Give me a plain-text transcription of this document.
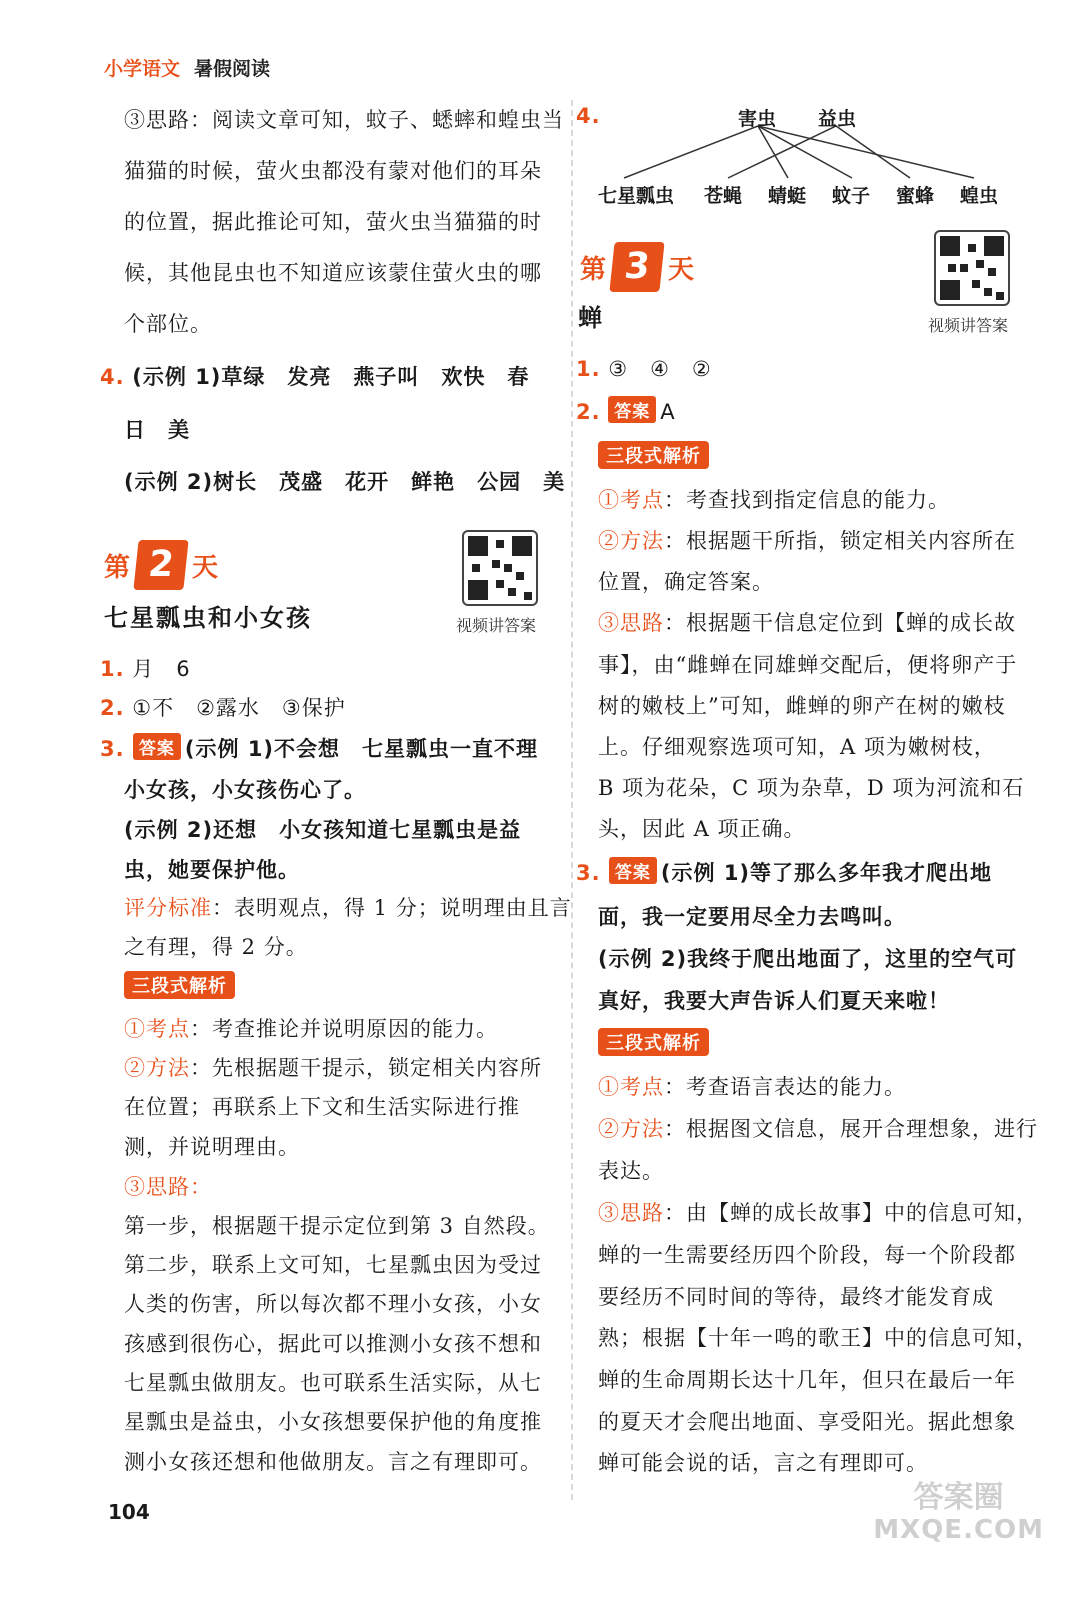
小学语文 暑假阅读
③思路：阅读文章可知，蚊子、蟋蟀和蝗虫当
猫猫的时候，萤火虫都没有蒙对他们的耳朵
的位置，据此推论可知，萤火虫当猫猫的时
候，其他昆虫也不知道应该蒙住萤火虫的哪
个部位。
4. (示例 1)草绿　发亮　燕子叫　欢快　春
日　美
(示例 2)树长　茂盛　花开　鲜艳　公园　美
第 2 天
视频讲答案
七星瓢虫和小女孩
1. 月　6
2. ①不　②露水　③保护
3. 答案 (示例 1)不会想　七星瓢虫一直不理
小女孩，小女孩伤心了。
(示例 2)还想　小女孩知道七星瓢虫是益
虫，她要保护他。
评分标准：表明观点，得 1 分；说明理由且言
之有理，得 2 分。
三段式解析
①考点：考查推论并说明原因的能力。
②方法：先根据题干提示，锁定相关内容所
在位置；再联系上下文和生活实际进行推
测，并说明理由。
③思路：
第一步，根据题干提示定位到第 3 自然段。
第二步，联系上文可知，七星瓢虫因为受过
人类的伤害，所以每次都不理小女孩，小女
孩感到很伤心，据此可以推测小女孩不想和
七星瓢虫做朋友。也可联系生活实际，从七
星瓢虫是益虫，小女孩想要保护他的角度推
测小女孩还想和他做朋友。言之有理即可。
4.	害虫 益虫
七星瓢虫 苍蝇 蜻蜓 蚊子 蜜蜂 蝗虫
第 3 天
视频讲答案
蝉
1. ③　④　②
2. 答案 A
三段式解析
①考点：考查找到指定信息的能力。
②方法：根据题干所指，锁定相关内容所在
位置，确定答案。
③思路：根据题干信息定位到【蝉的成长故
事】，由“雌蝉在同雄蝉交配后，便将卵产于
树的嫩枝上”可知，雌蝉的卵产在树的嫩枝
上。仔细观察选项可知，A 项为嫩树枝，
B 项为花朵，C 项为杂草，D 项为河流和石
头，因此 A 项正确。
3. 答案 (示例 1)等了那么多年我才爬出地
面，我一定要用尽全力去鸣叫。
(示例 2)我终于爬出地面了，这里的空气可
真好，我要大声告诉人们夏天来啦！
三段式解析
①考点：考查语言表达的能力。
②方法：根据图文信息，展开合理想象，进行
表达。
③思路：由【蝉的成长故事】中的信息可知，
蝉的一生需要经历四个阶段，每一个阶段都
要经历不同时间的等待，最终才能发育成
熟；根据【十年一鸣的歌王】中的信息可知，
蝉的生命周期长达十几年，但只在最后一年
的夏天才会爬出地面、享受阳光。据此想象
蝉可能会说的话，言之有理即可。
104	答案圈
MXQE.COM
